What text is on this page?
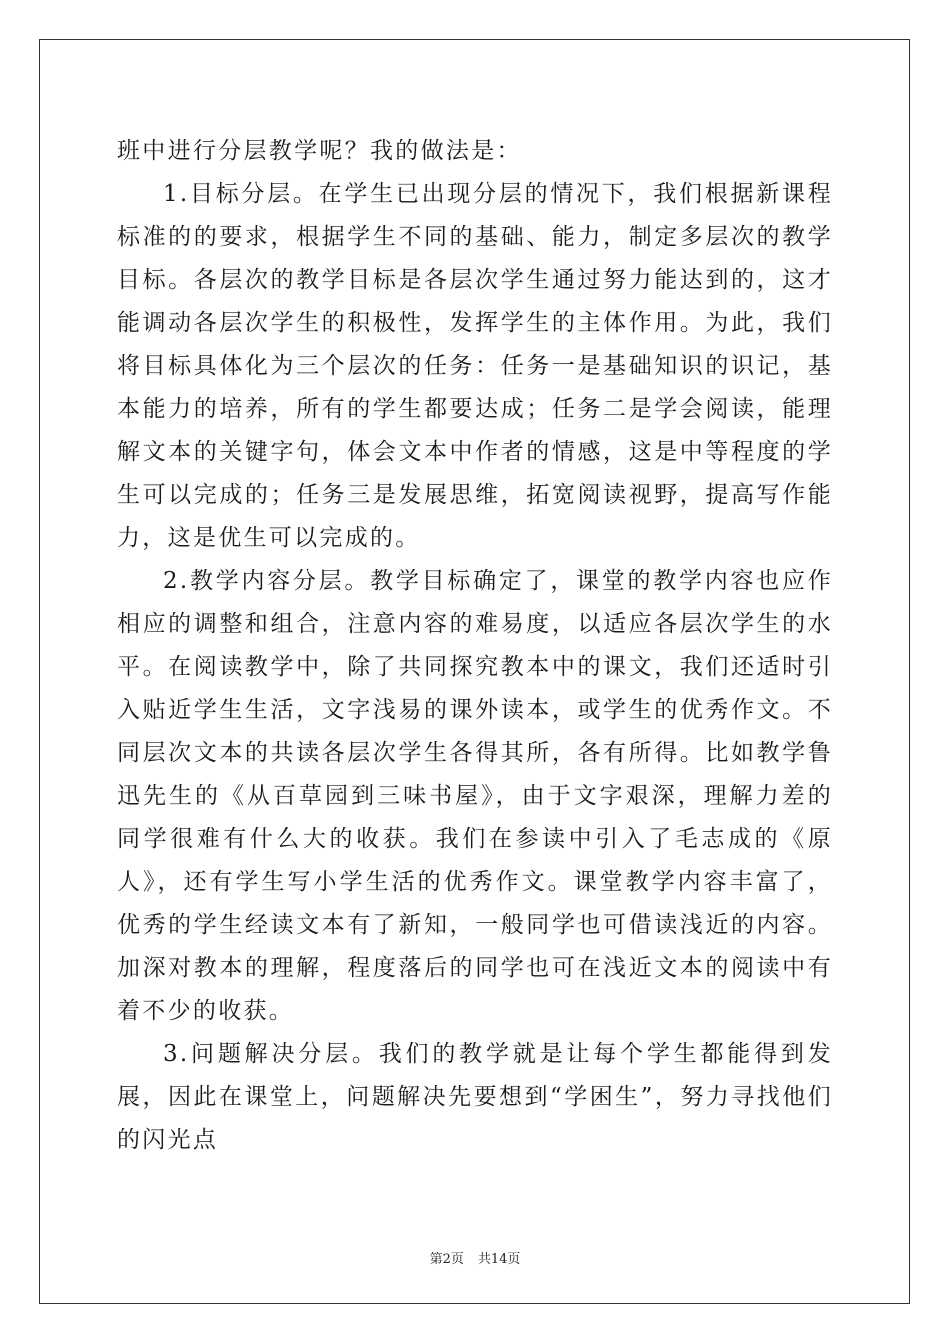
班中进行分层教学呢？我的做法是：

1.目标分层。在学生已出现分层的情况下，我们根据新课程标准的的要求，根据学生不同的基础、能力，制定多层次的教学目标。各层次的教学目标是各层次学生通过努力能达到的，这才能调动各层次学生的积极性，发挥学生的主体作用。为此，我们将目标具体化为三个层次的任务：任务一是基础知识的识记，基本能力的培养，所有的学生都要达成；任务二是学会阅读，能理解文本的关键字句，体会文本中作者的情感，这是中等程度的学生可以完成的；任务三是发展思维，拓宽阅读视野，提高写作能力，这是优生可以完成的。

2.教学内容分层。教学目标确定了，课堂的教学内容也应作相应的调整和组合，注意内容的难易度，以适应各层次学生的水平。在阅读教学中，除了共同探究教本中的课文，我们还适时引入贴近学生生活，文字浅易的课外读本，或学生的优秀作文。不同层次文本的共读各层次学生各得其所，各有所得。比如教学鲁迅先生的《从百草园到三味书屋》，由于文字艰深，理解力差的同学很难有什么大的收获。我们在参读中引入了毛志成的《原人》，还有学生写小学生活的优秀作文。课堂教学内容丰富了，优秀的学生经读文本有了新知，一般同学也可借读浅近的内容。加深对教本的理解，程度落后的同学也可在浅近文本的阅读中有着不少的收获。

3.问题解决分层。我们的教学就是让每个学生都能得到发展，因此在课堂上，问题解决先要想到“学困生”，努力寻找他们的闪光点

第2页 共14页
